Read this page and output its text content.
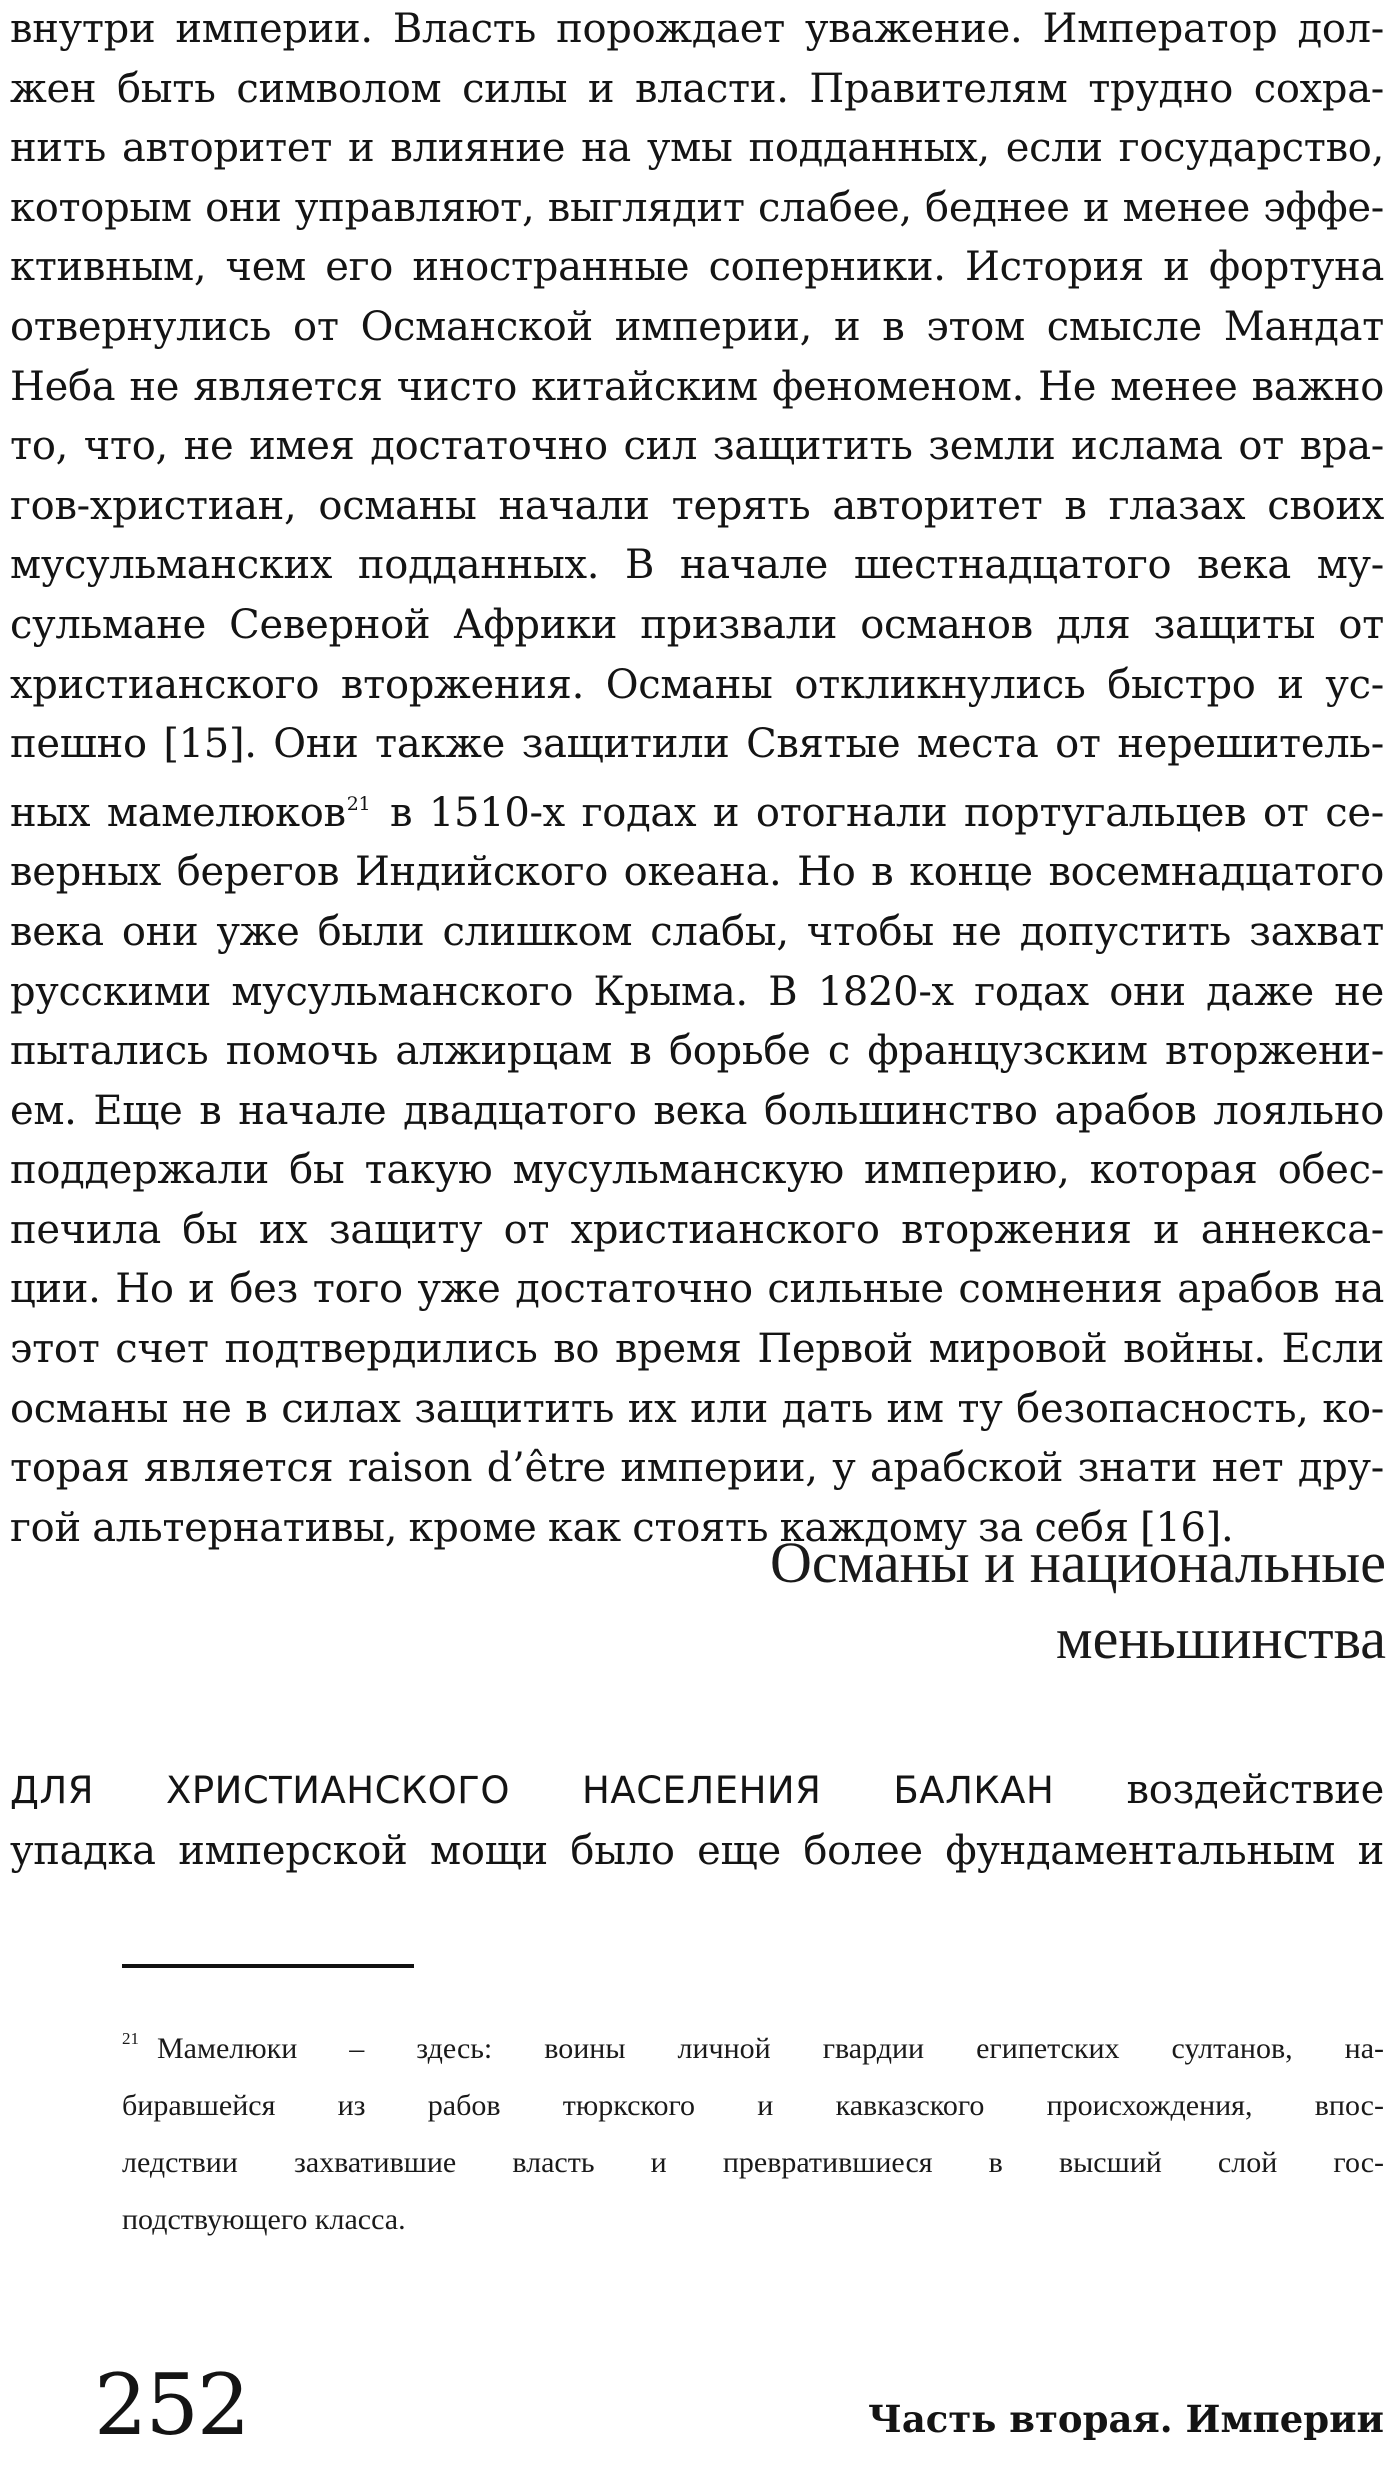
внутри империи. Власть порождает уважение. Император дол-
жен быть символом силы и власти. Правителям трудно сохра-
нить авторитет и влияние на умы подданных, если государство,
которым они управляют, выглядит слабее, беднее и менее эффе-
ктивным, чем его иностранные соперники. История и фортуна
отвернулись от Османской империи, и в этом смысле Мандат
Неба не является чисто китайским феноменом. Не менее важно
то, что, не имея достаточно сил защитить земли ислама от вра-
гов-христиан, османы начали терять авторитет в глазах своих
мусульманских подданных. В начале шестнадцатого века му-
сульмане Северной Африки призвали османов для защиты от
христианского вторжения. Османы откликнулись быстро и ус-
пешно [15]. Они также защитили Святые места от нерешитель-
ных мамелюков$^{21}$ в 1510-х годах и отогнали португальцев от се-
верных берегов Индийского океана. Но в конце восемнадцатого
века они уже были слишком слабы, чтобы не допустить захват
русскими мусульманского Крыма. В 1820-х годах они даже не
пытались помочь алжирцам в борьбе с французским вторжени-
ем. Еще в начале двадцатого века большинство арабов лояльно
поддержали бы такую мусульманскую империю, которая обес-
печила бы их защиту от христианского вторжения и аннекса-
ции. Но и без того уже достаточно сильные сомнения арабов на
этот счет подтвердились во время Первой мировой войны. Если
османы не в силах защитить их или дать им ту безопасность, ко-
торая является raison d’être империи, у арабской знати нет дру-
гой альтернативы, кроме как стоять каждому за себя [16].
Османы и национальные
меньшинства
ДЛЯ ХРИСТИАНСКОГО НАСЕЛЕНИЯ БАЛКАН воздействие
упадка имперской мощи было еще более фундаментальным и
$^{21}$ Мамелюки – здесь: воины личной гвардии египетских султанов, на-
биравшейся из рабов тюркского и кавказского происхождения, впос-
ледствии захватившие власть и превратившиеся в высший слой гос-
подствующего класса.
252	Часть вторая. Империи
